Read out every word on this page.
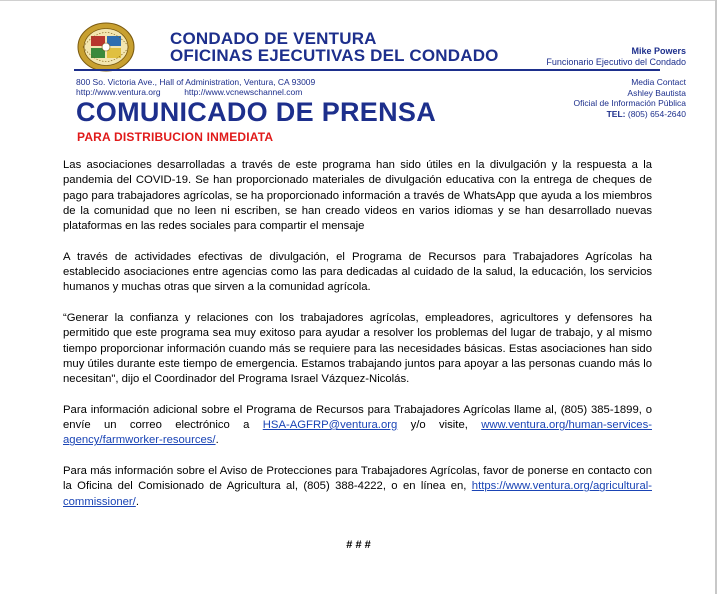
CONDADO DE VENTURA
OFICINAS EJECUTIVAS DEL CONDADO	Mike Powers
Funcionario Ejecutivo del Condado
800 So. Victoria Ave., Hall of Administration, Ventura, CA 93009
http://www.ventura.org	http://www.vcnewschannel.com
Media Contact
Ashley Bautista
Oficial de Información Pública
TEL: (805) 654-2640
COMUNICADO DE PRENSA
PARA DISTRIBUCION INMEDIATA

Las asociaciones desarrolladas a través de este programa han sido útiles en la divulgación y la respuesta a la pandemia del COVID-19. Se han proporcionado materiales de divulgación educativa con la entrega de cheques de pago para trabajadores agrícolas, se ha proporcionado información a través de WhatsApp que ayuda a los miembros de la comunidad que no leen ni escriben, se han creado videos en varios idiomas y se han desarrollado nuevas plataformas en las redes sociales para compartir el mensaje

A través de actividades efectivas de divulgación, el Programa de Recursos para Trabajadores Agrícolas ha establecido asociaciones entre agencias como las para dedicadas al cuidado de la salud, la educación, los servicios humanos y muchas otras que sirven a la comunidad agrícola.

“Generar la confianza y relaciones con los trabajadores agrícolas, empleadores, agricultores y defensores ha permitido que este programa sea muy exitoso para ayudar a resolver los problemas del lugar de trabajo, y al mismo tiempo proporcionar información cuando más se requiere para las necesidades básicas. Estas asociaciones han sido muy útiles durante este tiempo de emergencia. Estamos trabajando juntos para apoyar a las personas cuando más lo necesitan", dijo el Coordinador del Programa Israel Vázquez-Nicolás.

Para información adicional sobre el Programa de Recursos para Trabajadores Agrícolas llame al, (805) 385-1899, o envíe un correo electrónico a HSA-AGFRP@ventura.org y/o visite, www.ventura.org/human-services-agency/farmworker-resources/.

Para más información sobre el Aviso de Protecciones para Trabajadores Agrícolas, favor de ponerse en contacto con la Oficina del Comisionado de Agricultura al, (805) 388-4222, o en línea en, https://www.ventura.org/agricultural-commissioner/.

# # #
